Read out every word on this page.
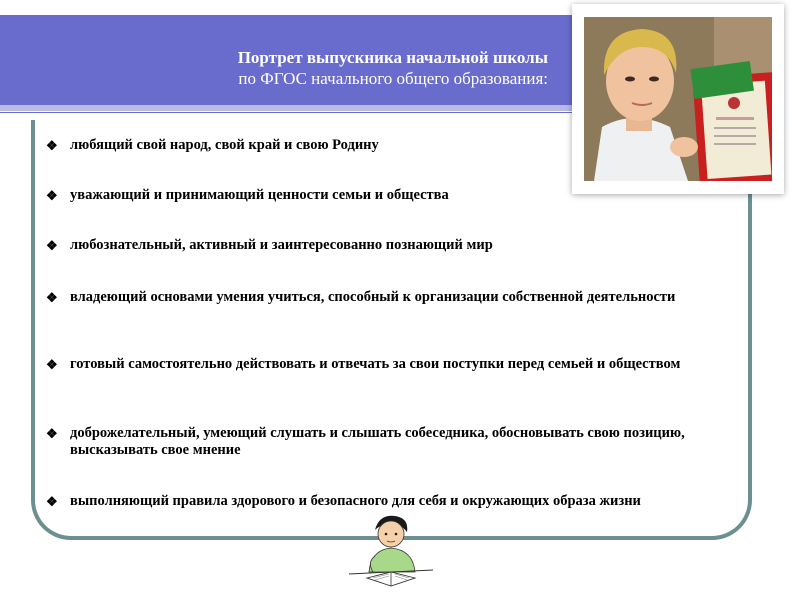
Портрет выпускника начальной школы
по ФГОС начального общего образования:
❖ любящий свой народ, свой край и свою Родину
❖ уважающий и принимающий ценности семьи и общества
❖ любознательный, активный и заинтересованно познающий мир
❖ владеющий основами умения учиться, способный к организации собственной деятельности
❖ готовый самостоятельно действовать и отвечать за свои поступки перед семьей и обществом
❖ доброжелательный, умеющий слушать и слышать собеседника, обосновывать свою позицию, высказывать свое мнение
❖ выполняющий правила здорового и безопасного для себя и окружающих образа жизни
